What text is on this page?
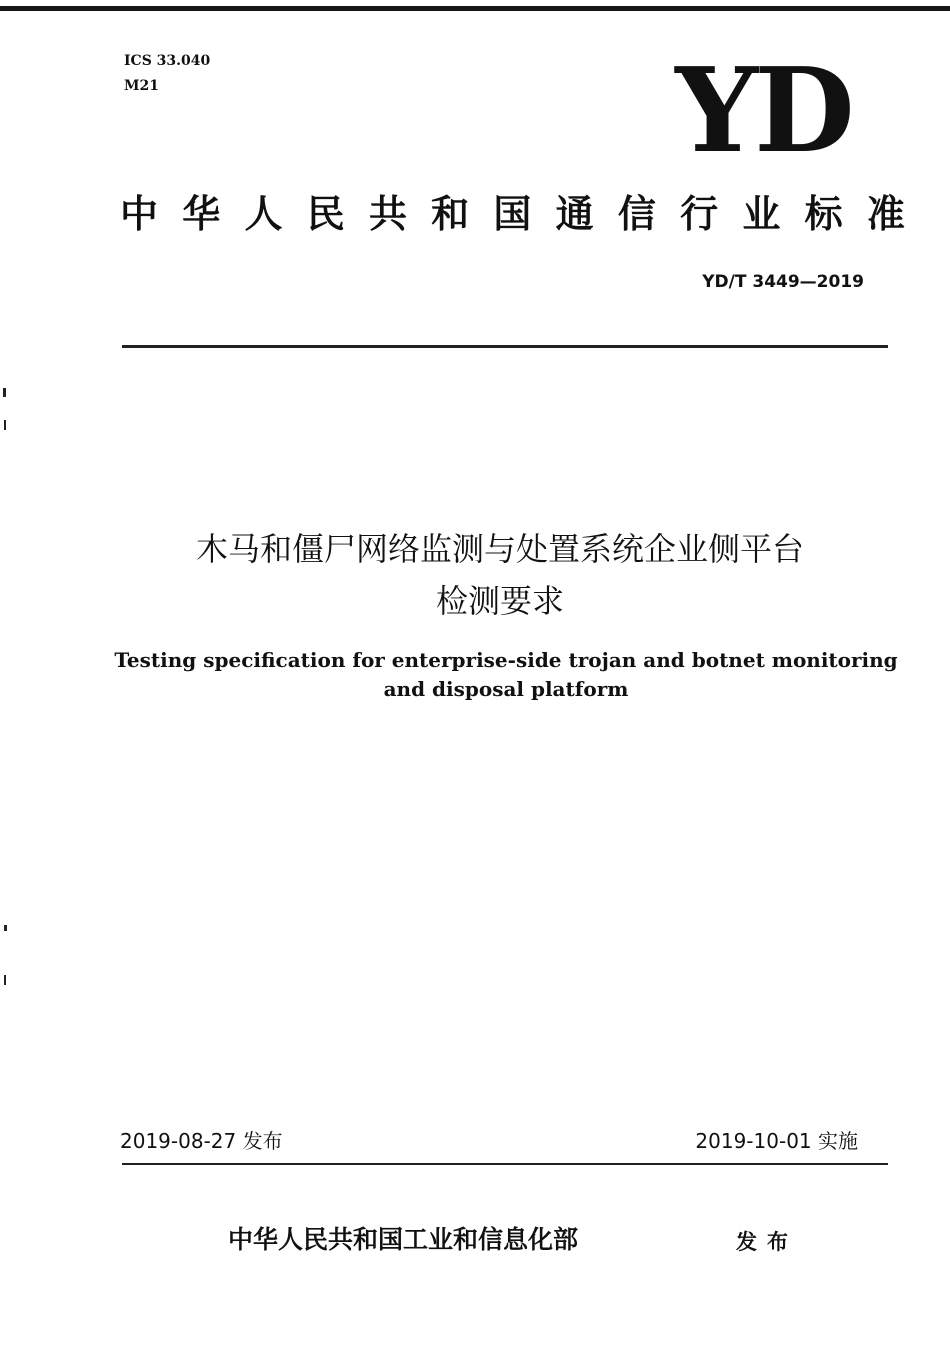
ICS 33.040
M21	YD
中 华 人 民 共 和 国 通 信 行 业 标 准
YD/T 3449—2019
木马和僵尸网络监测与处置系统企业侧平台
检测要求
Testing specification for enterprise-side trojan and botnet monitoring
and disposal platform
2019-08-27 发布	2019-10-01 实施
中华人民共和国工业和信息化部	发布
